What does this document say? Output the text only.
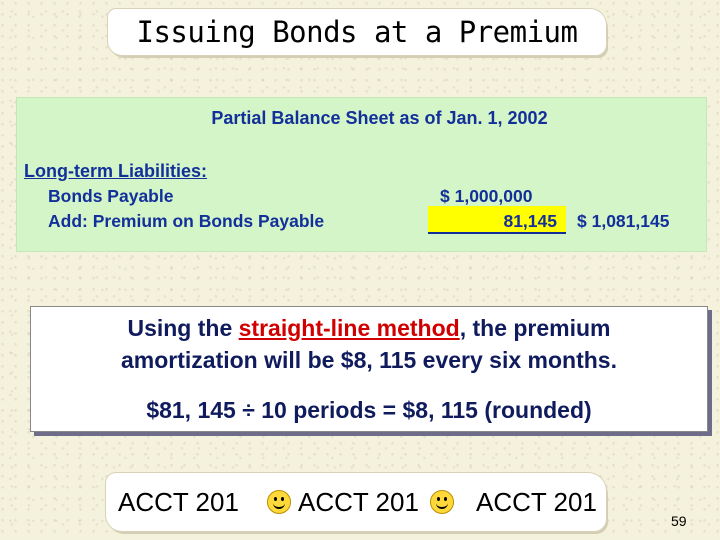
Issuing Bonds at a Premium
Partial Balance Sheet as of Jan. 1, 2002
Long-term Liabilities:
Bonds Payable	$ 1,000,000
Add: Premium on Bonds Payable	81,145 $ 1,081,145
Using the straight-line method, the premium
amortization will be $8, 115 every six months.
$81, 145 ÷ 10 periods = $8, 115 (rounded)
ACCT 201 ACCT 201 ACCT 201
59
